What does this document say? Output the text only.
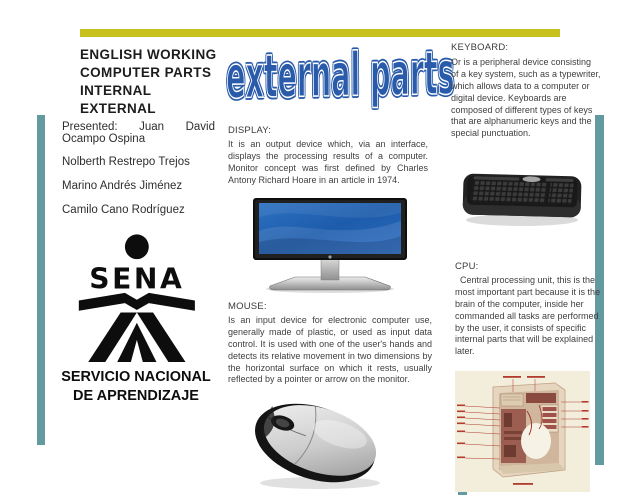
ENGLISH WORKING
COMPUTER PARTS
INTERNAL
EXTERNAL
Presented: Juan David
Ocampo Ospina
Nolberth Restrepo Trejos
Marino Andrés Jiménez
Camilo Cano Rodríguez
SENA
SERVICIO NACIONAL
DE APRENDIZAJE
external parts
DISPLAY:
It is an output device which, via an interface, displays the processing results of a computer. Monitor concept was first defined by Charles Antony Richard Hoare in an article in 1974.
MOUSE:
Is an input device for electronic computer use, generally made of plastic, or used as input data control. It is used with one of the user's hands and detects its relative movement in two dimensions by the horizontal surface on which it rests, usually reflected by a pointer or arrow on the monitor.
KEYBOARD:
Or is a peripheral device consisting of a key system, such as a typewriter, which allows data to a computer or digital device. Keyboards are composed of different types of keys that are alphanumeric keys and the special punctuation.
CPU:
Central processing unit, this is the most important part because it is the brain of the computer, inside her commanded all tasks are performed by the user, it consists of specific internal parts that will be explained later.
